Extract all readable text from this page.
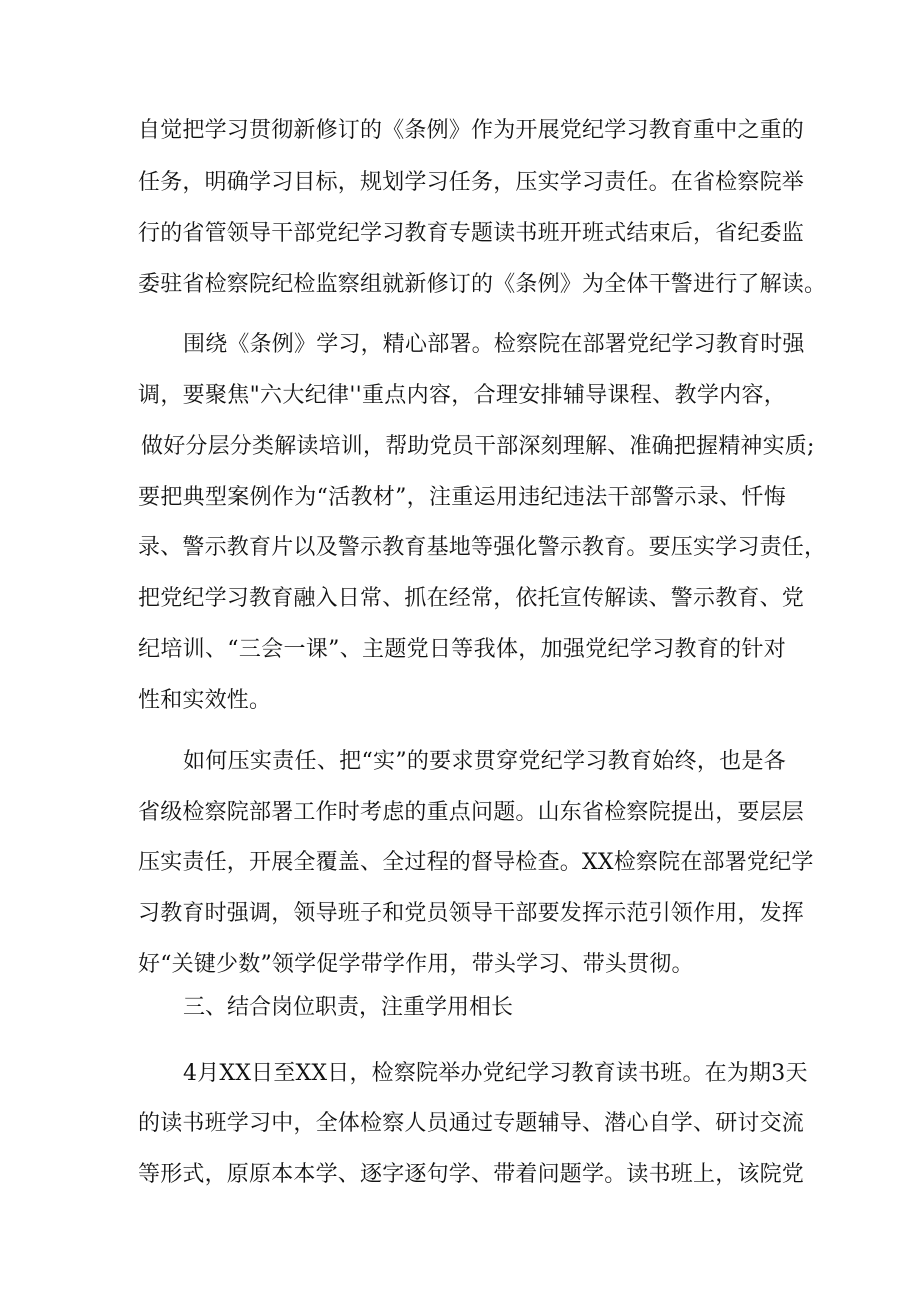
自觉把学习贯彻新修订的《条例》作为开展党纪学习教育重中之重的
任务，明确学习目标，规划学习任务，压实学习责任。在省检察院举
行的省管领导干部党纪学习教育专题读书班开班式结束后，省纪委监
委驻省检察院纪检监察组就新修订的《条例》为全体干警进行了解读。
围绕《条例》学习，精心部署。检察院在部署党纪学习教育时强
调，要聚焦"六大纪律''重点内容，合理安排辅导课程、教学内容，
做好分层分类解读培训，帮助党员干部深刻理解、准确把握精神实质;
要把典型案例作为“活教材”，注重运用违纪违法干部警示录、忏悔
录、警示教育片以及警示教育基地等强化警示教育。要压实学习责任，
把党纪学习教育融入日常、抓在经常，依托宣传解读、警示教育、党
纪培训、“三会一课”、主题党日等我体，加强党纪学习教育的针对
性和实效性。
如何压实责任、把“实”的要求贯穿党纪学习教育始终，也是各
省级检察院部署工作时考虑的重点问题。山东省检察院提出，要层层
压实责任，开展全覆盖、全过程的督导检查。XX检察院在部署党纪学
习教育时强调，领导班子和党员领导干部要发挥示范引领作用，发挥
好“关键少数”领学促学带学作用，带头学习、带头贯彻。
三、结合岗位职责，注重学用相长
4月XX日至XX日，检察院举办党纪学习教育读书班。在为期3天
的读书班学习中，全体检察人员通过专题辅导、潜心自学、研讨交流
等形式，原原本本学、逐字逐句学、带着问题学。读书班上，该院党
